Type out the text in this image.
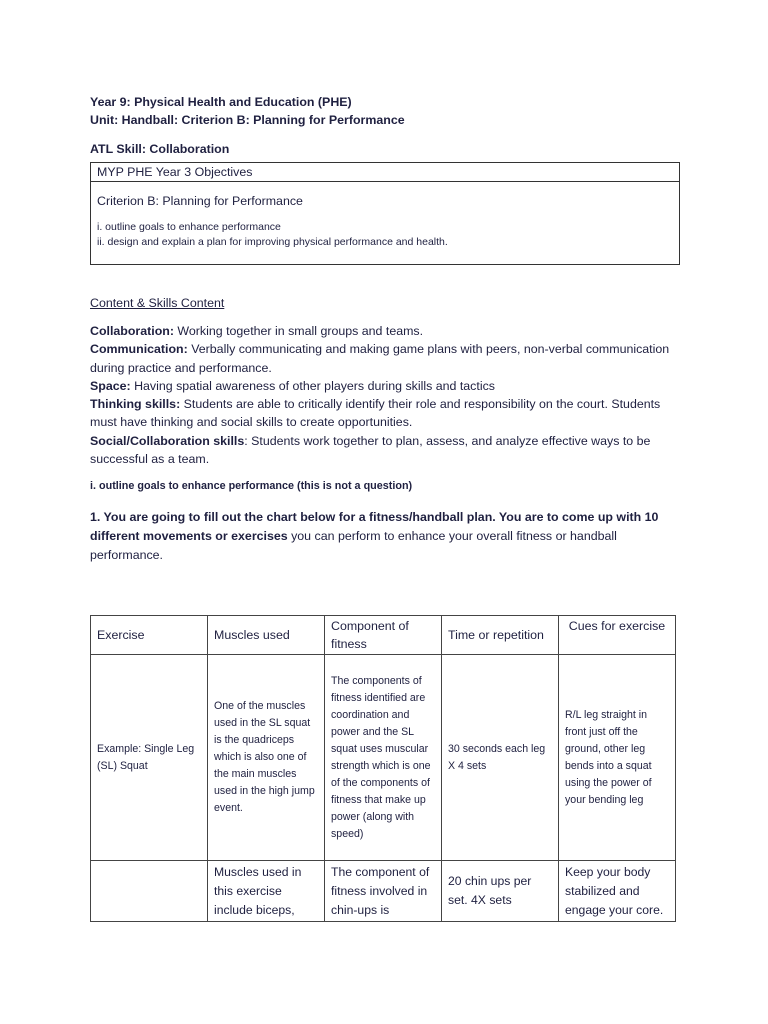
Year 9: Physical Health and Education (PHE)

Unit: Handball: Criterion B: Planning for Performance

ATL Skill: Collaboration

MYP PHE Year 3 Objectives

Criterion B: Planning for Performance

i. outline goals to enhance performance

ii. design and explain a plan for improving physical performance and health.

Content & Skills Content

Collaboration: Working together in small groups and teams.

Communication: Verbally communicating and making game plans with peers, non-verbal communication during practice and performance.

Space: Having spatial awareness of other players during skills and tactics

Thinking skills: Students are able to critically identify their role and responsibility on the court. Students must have thinking and social skills to create opportunities.

Social/Collaboration skills: Students work together to plan, assess, and analyze effective ways to be successful as a team.

i. outline goals to enhance performance (this is not a question)
1. You are going to fill out the chart below for a fitness/handball plan. You are to come up with 10 different movements or exercises you can perform to enhance your overall fitness or handball performance.
Exercise	Muscles used	Component of fitness	Time or repetition	Cues for exercise
Example: Single Leg (SL) Squat	One of the muscles used in the SL squat is the quadriceps which is also one of the main muscles used in the high jump event.	The components of fitness identified are coordination and power and the SL squat uses muscular strength which is one of the components of fitness that make up power (along with speed)	30 seconds each leg X 4 sets	R/L leg straight in front just off the ground, other leg bends into a squat using the power of your bending leg
	Muscles used in this exercise include biceps,	The component of fitness involved in chin-ups is	20 chin ups per set. 4X sets	Keep your body stabilized and engage your core.
